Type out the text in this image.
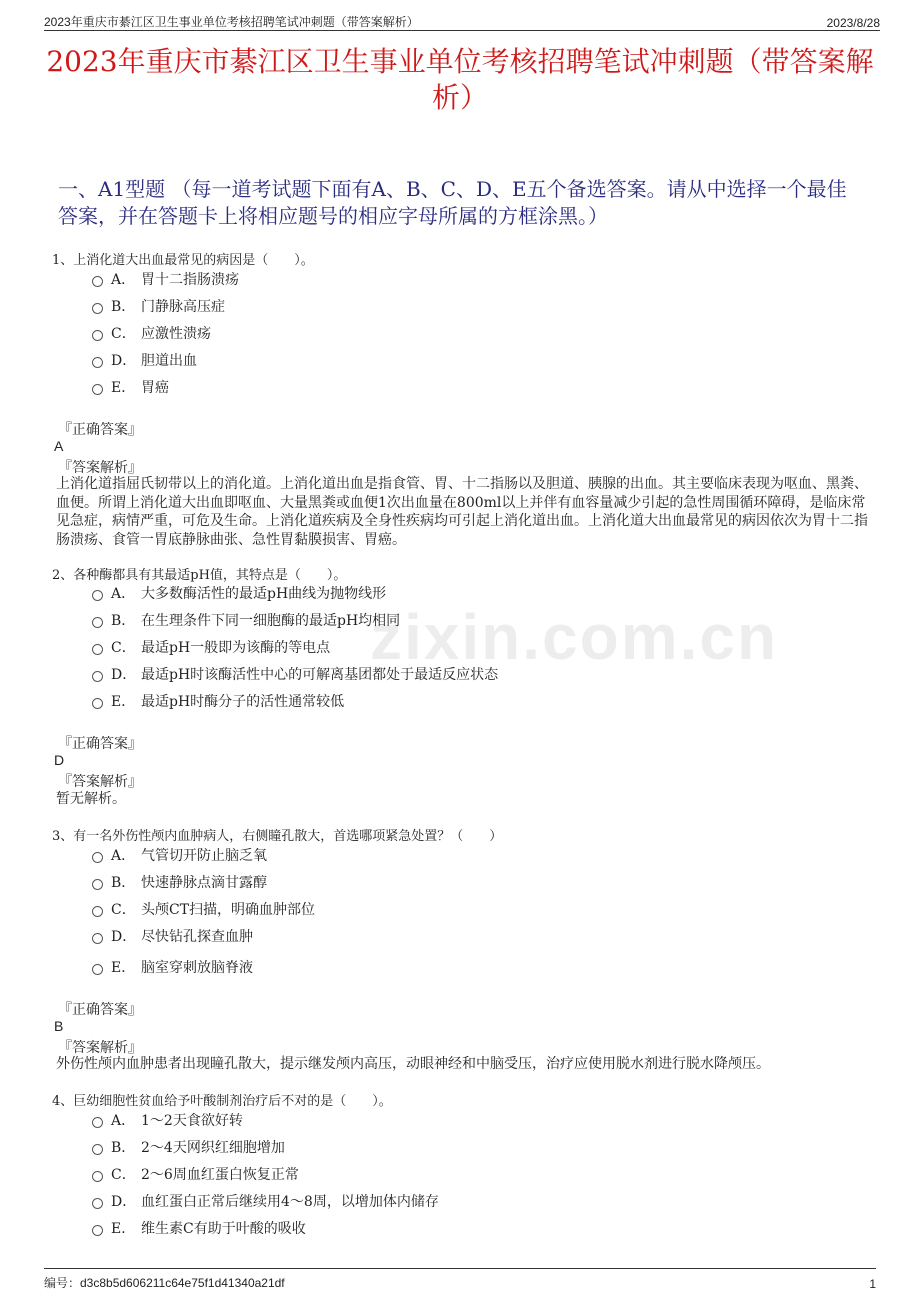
2023年重庆市綦江区卫生事业单位考核招聘笔试冲刺题（带答案解析）	2023/8/28
2023年重庆市綦江区卫生事业单位考核招聘笔试冲刺题（带答案解析）
一、A1型题 （每一道考试题下面有A、B、C、D、E五个备选答案。请从中选择一个最佳答案，并在答题卡上将相应题号的相应字母所属的方框涂黑。）
zixin.com.cn
1、上消化道大出血最常见的病因是（　　）。
A． 胃十二指肠溃疡
B． 门静脉高压症
C． 应激性溃疡
D． 胆道出血
E． 胃癌
『正确答案』
A
『答案解析』
上消化道指屈氏韧带以上的消化道。上消化道出血是指食管、胃、十二指肠以及胆道、胰腺的出血。其主要临床表现为呕血、黑粪、血便。所谓上消化道大出血即呕血、大量黑粪或血便1次出血量在800ml以上并伴有血容量减少引起的急性周围循环障碍，是临床常见急症，病情严重，可危及生命。上消化道疾病及全身性疾病均可引起上消化道出血。上消化道大出血最常见的病因依次为胃十二指肠溃疡、食管一胃底静脉曲张、急性胃黏膜损害、胃癌。
2、各种酶都具有其最适pH值，其特点是（　　）。
A． 大多数酶活性的最适pH曲线为抛物线形
B． 在生理条件下同一细胞酶的最适pH均相同
C． 最适pH一般即为该酶的等电点
D． 最适pH时该酶活性中心的可解离基团都处于最适反应状态
E． 最适pH时酶分子的活性通常较低
『正确答案』
D
『答案解析』
暂无解析。
3、有一名外伤性颅内血肿病人，右侧瞳孔散大，首选哪项紧急处置？（　　）
A． 气管切开防止脑乏氧
B． 快速静脉点滴甘露醇
C． 头颅CT扫描，明确血肿部位
D． 尽快钻孔探查血肿
E． 脑室穿刺放脑脊液
『正确答案』
B
『答案解析』
外伤性颅内血肿患者出现瞳孔散大，提示继发颅内高压，动眼神经和中脑受压，治疗应使用脱水剂进行脱水降颅压。
4、巨幼细胞性贫血给予叶酸制剂治疗后不对的是（　　）。
A． 1～2天食欲好转
B． 2～4天网织红细胞增加
C． 2～6周血红蛋白恢复正常
D． 血红蛋白正常后继续用4～8周，以增加体内储存
E． 维生素C有助于叶酸的吸收
编号：d3c8b5d606211c64e75f1d41340a21df	1
